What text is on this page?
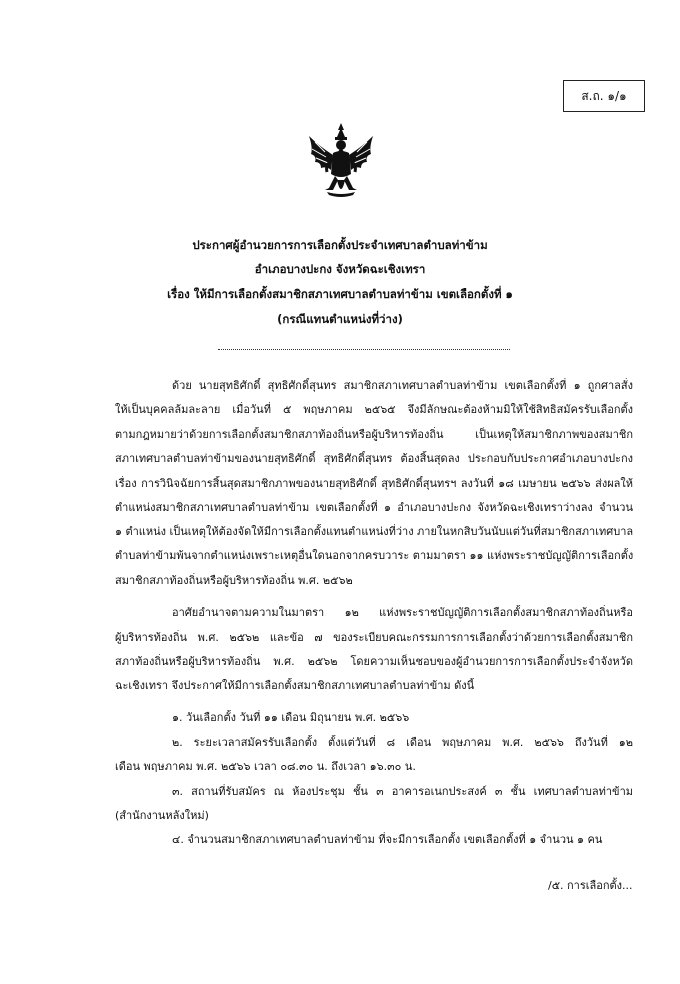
ส.ถ. ๑/๑
ประกาศผู้อำนวยการการเลือกตั้งประจำเทศบาลตำบลท่าข้าม
อำเภอบางปะกง จังหวัดฉะเชิงเทรา
เรื่อง ให้มีการเลือกตั้งสมาชิกสภาเทศบาลตำบลท่าข้าม เขตเลือกตั้งที่ ๑
(กรณีแทนตำแหน่งที่ว่าง)
ด้วย นายสุทธิศักดิ์ สุทธิศักดิ์สุนทร สมาชิกสภาเทศบาลตำบลท่าข้าม เขตเลือกตั้งที่ ๑ ถูกศาลสั่ง
ให้เป็นบุคคลล้มละลาย เมื่อวันที่ ๕ พฤษภาคม ๒๕๖๕ จึงมีลักษณะต้องห้ามมิให้ใช้สิทธิสมัครรับเลือกตั้ง
ตามกฎหมายว่าด้วยการเลือกตั้งสมาชิกสภาท้องถิ่นหรือผู้บริหารท้องถิ่น เป็นเหตุให้สมาชิกภาพของสมาชิก
สภาเทศบาลตำบลท่าข้ามของนายสุทธิศักดิ์ สุทธิศักดิ์สุนทร ต้องสิ้นสุดลง ประกอบกับประกาศอำเภอบางปะกง
เรื่อง การวินิจฉัยการสิ้นสุดสมาชิกภาพของนายสุทธิศักดิ์ สุทธิศักดิ์สุนทรฯ ลงวันที่ ๑๘ เมษายน ๒๕๖๖ ส่งผลให้
ตำแหน่งสมาชิกสภาเทศบาลตำบลท่าข้าม เขตเลือกตั้งที่ ๑ อำเภอบางปะกง จังหวัดฉะเชิงเทราว่างลง จำนวน
๑ ตำแหน่ง เป็นเหตุให้ต้องจัดให้มีการเลือกตั้งแทนตำแหน่งที่ว่าง ภายในหกสิบวันนับแต่วันที่สมาชิกสภาเทศบาล
ตำบลท่าข้ามพ้นจากตำแหน่งเพราะเหตุอื่นใดนอกจากครบวาระ ตามมาตรา ๑๑ แห่งพระราชบัญญัติการเลือกตั้ง
สมาชิกสภาท้องถิ่นหรือผู้บริหารท้องถิ่น พ.ศ. ๒๕๖๒
อาศัยอำนาจตามความในมาตรา ๑๒ แห่งพระราชบัญญัติการเลือกตั้งสมาชิกสภาท้องถิ่นหรือ
ผู้บริหารท้องถิ่น พ.ศ. ๒๕๖๒ และข้อ ๗ ของระเบียบคณะกรรมการการเลือกตั้งว่าด้วยการเลือกตั้งสมาชิก
สภาท้องถิ่นหรือผู้บริหารท้องถิ่น พ.ศ. ๒๕๖๒ โดยความเห็นชอบของผู้อำนวยการการเลือกตั้งประจำจังหวัด
ฉะเชิงเทรา จึงประกาศให้มีการเลือกตั้งสมาชิกสภาเทศบาลตำบลท่าข้าม ดังนี้
๑. วันเลือกตั้ง วันที่ ๑๑ เดือน มิถุนายน พ.ศ. ๒๕๖๖
๒. ระยะเวลาสมัครรับเลือกตั้ง ตั้งแต่วันที่ ๘ เดือน พฤษภาคม พ.ศ. ๒๕๖๖ ถึงวันที่ ๑๒
เดือน พฤษภาคม พ.ศ. ๒๕๖๖ เวลา ๐๘.๓๐ น. ถึงเวลา ๑๖.๓๐ น.
๓. สถานที่รับสมัคร ณ ห้องประชุม ชั้น ๓ อาคารอเนกประสงค์ ๓ ชั้น เทศบาลตำบลท่าข้าม
(สำนักงานหลังใหม่)
๔. จำนวนสมาชิกสภาเทศบาลตำบลท่าข้าม ที่จะมีการเลือกตั้ง เขตเลือกตั้งที่ ๑ จำนวน ๑ คน
/๕. การเลือกตั้ง...
